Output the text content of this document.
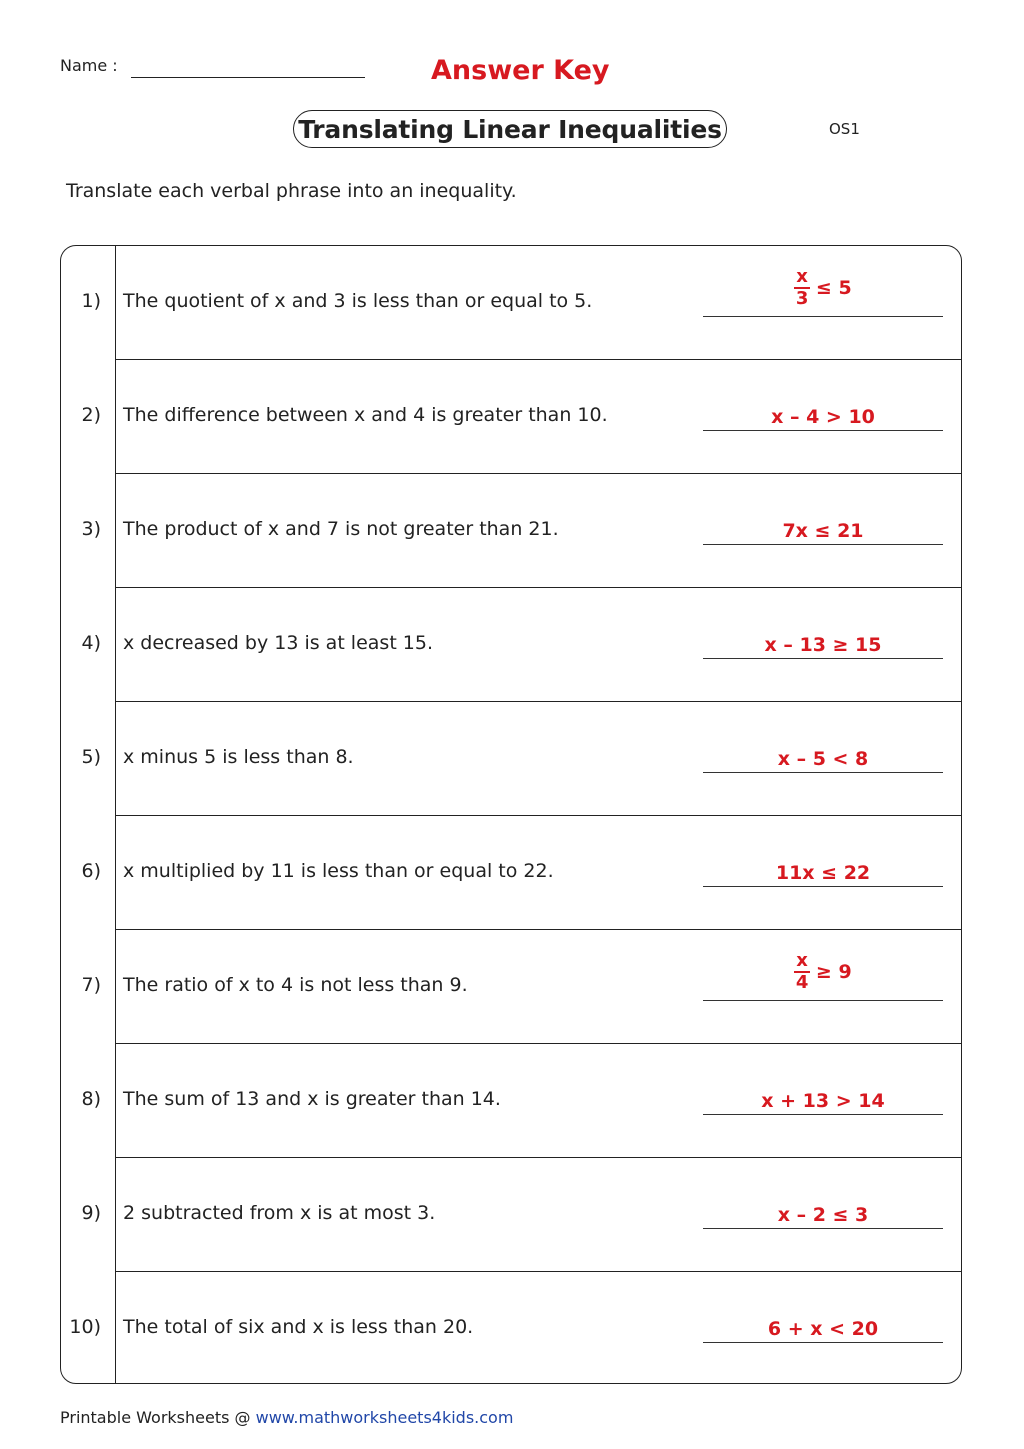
Name :	Answer Key
Translating Linear Inequalities	OS1
Translate each verbal phrase into an inequality.
1) The quotient of x and 3 is less than or equal to 5.	$\frac{x}{3} \le 5$
2) The difference between x and 4 is greater than 10.	x – 4 > 10
3) The product of x and 7 is not greater than 21.	7x ≤ 21
4) x decreased by 13 is at least 15.	x – 13 ≥ 15
5) x minus 5 is less than 8.	x – 5 < 8
6) x multiplied by 11 is less than or equal to 22.	11x ≤ 22
7) The ratio of x to 4 is not less than 9.	$\frac{x}{4} \ge 9$
8) The sum of 13 and x is greater than 14.	x + 13 > 14
9) 2 subtracted from x is at most 3.	x – 2 ≤ 3
10) The total of six and x is less than 20.	6 + x < 20
Printable Worksheets @ www.mathworksheets4kids.com
